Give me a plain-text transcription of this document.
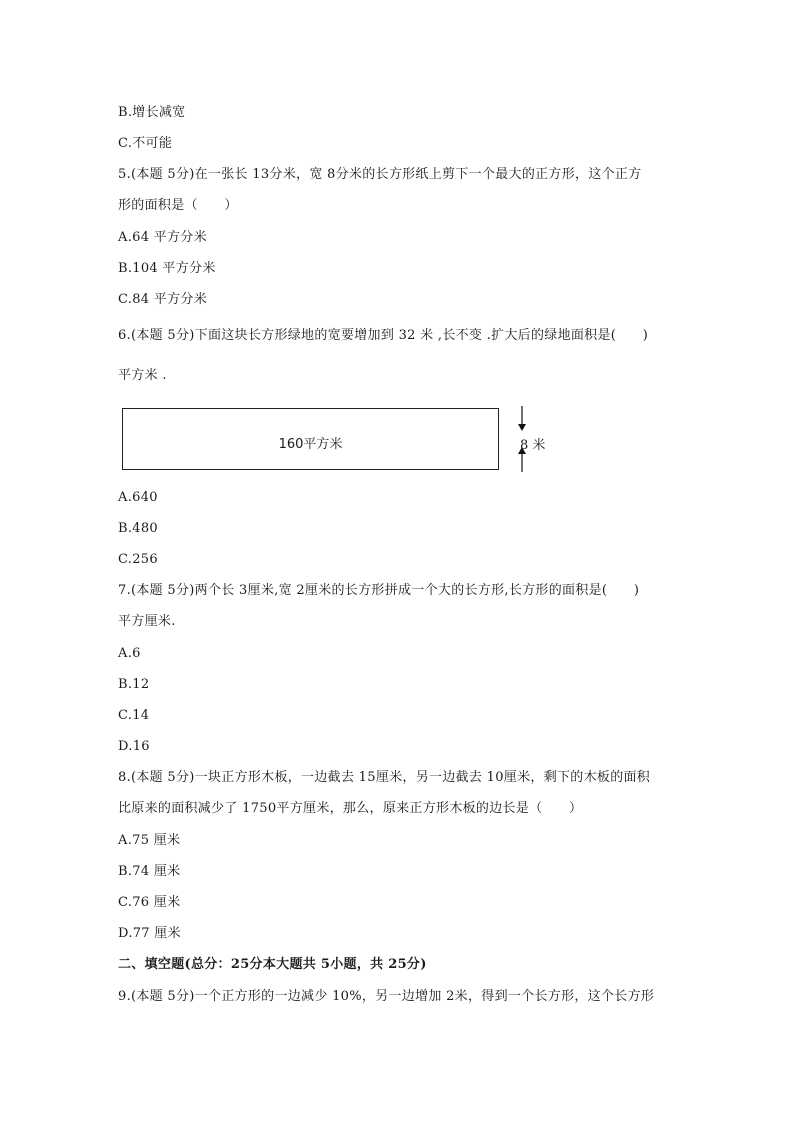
B.增长减宽
C.不可能
5.(本题 5分)在一张长 13分米，宽 8分米的长方形纸上剪下一个最大的正方形，这个正方
形的面积是（　　）
A.64 平方分米
B.104 平方分米
C.84 平方分米
6.(本题 5分)下面这块长方形绿地的宽要增加到 32 米 ,长不变 .扩大后的绿地面积是(　　)
平方米 .
160平方米	8 米
A.640
B.480
C.256
7.(本题 5分)两个长 3厘米,宽 2厘米的长方形拼成一个大的长方形,长方形的面积是(　　)
平方厘米.
A.6
B.12
C.14
D.16
8.(本题 5分)一块正方形木板，一边截去 15厘米，另一边截去 10厘米，剩下的木板的面积
比原来的面积减少了 1750平方厘米，那么，原来正方形木板的边长是（　　）
A.75 厘米
B.74 厘米
C.76 厘米
D.77 厘米
二、填空题(总分：25分本大题共 5小题，共 25分)
9.(本题 5分)一个正方形的一边减少 10%，另一边增加 2米，得到一个长方形，这个长方形
